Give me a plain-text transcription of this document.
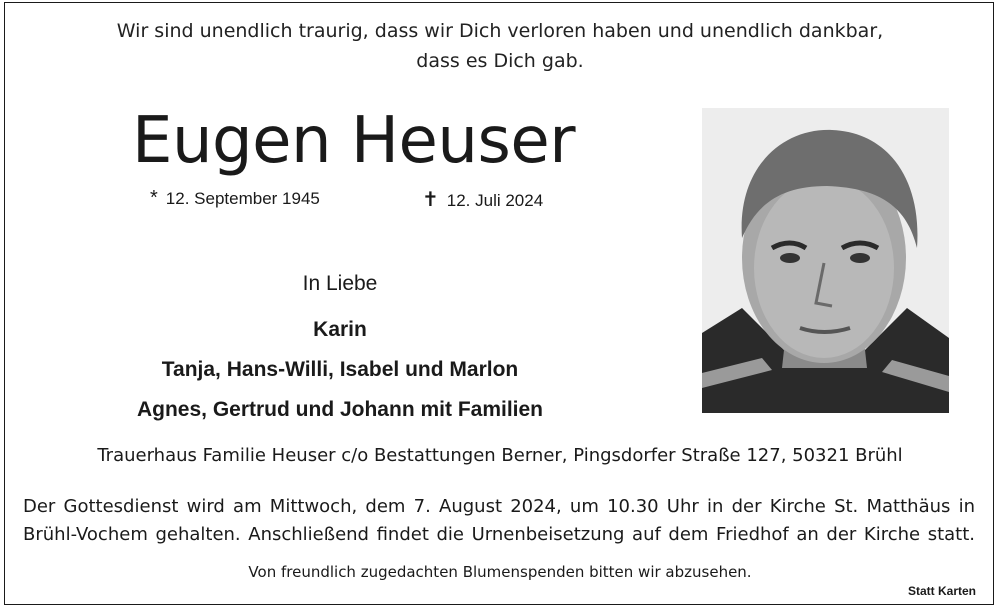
Wir sind unendlich traurig, dass wir Dich verloren haben und unendlich dankbar,
dass es Dich gab.
Eugen Heuser
* 12. September 1945	✝ 12. Juli 2024
In Liebe
Karin
Tanja, Hans-Willi, Isabel und Marlon
Agnes, Gertrud und Johann mit Familien
Trauerhaus Familie Heuser c/o Bestattungen Berner, Pingsdorfer Straße 127, 50321 Brühl
Der Gottesdienst wird am Mittwoch, dem 7. August 2024, um 10.30 Uhr in der Kirche St. Matthäus in
Brühl-Vochem gehalten. Anschließend findet die Urnenbeisetzung auf dem Friedhof an der Kirche statt.
Von freundlich zugedachten Blumenspenden bitten wir abzusehen.
Statt Karten
